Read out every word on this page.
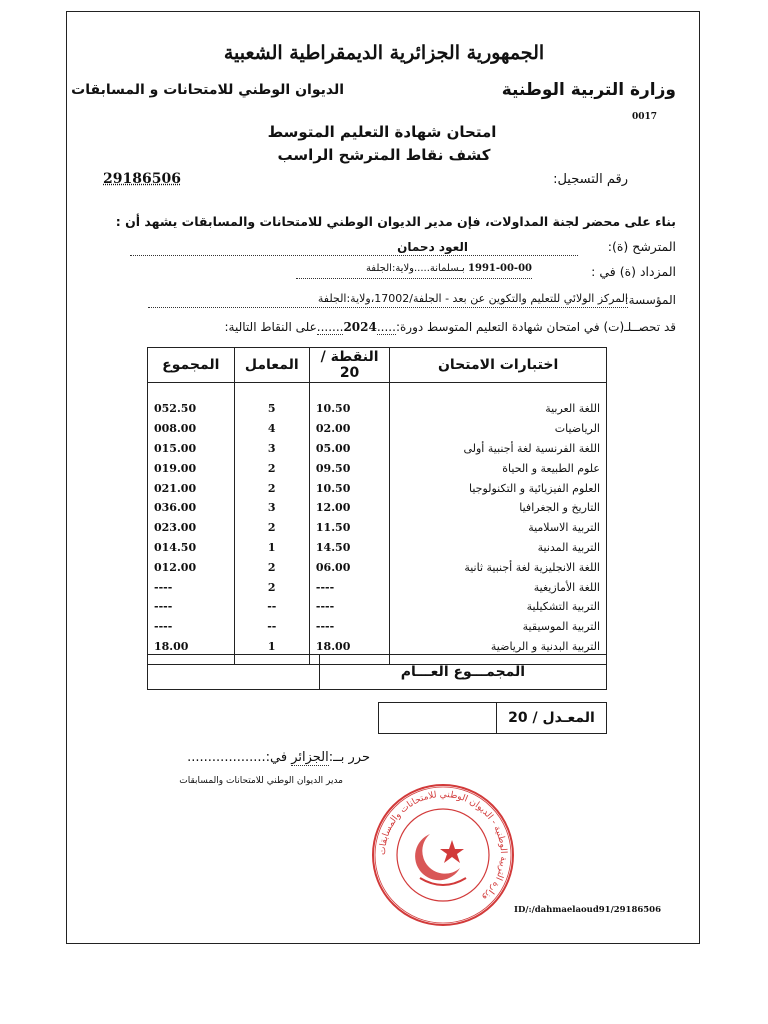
الجمهورية الجزائرية الديمقراطية الشعبية
وزارة التربية الوطنية
الديوان الوطني للامتحانات و المسابقات
0017
امتحان شهادة التعليم المتوسط
كشف نقاط المترشح الراسب
رقم التسجيل:
29186506
بناء على محضر لجنة المداولات، فإن مدير الديوان الوطني للامتحانات والمسابقات يشهد أن :
المترشح (ة):
العود دحمان
المزداد (ة) في :
1991-00-00 بـسلمانة.....ولاية:الجلفة
المؤسسة:
المركز الولائي للتعليم والتكوين عن بعد - الجلفة/17002،ولاية:الجلفة
قد تحصــلـ(ت) في امتحان شهادة التعليم المتوسط دورة:.....2024.......على النقاط التالية:
اختبارات الامتحان	النقطة / 20	المعامل	المجموع
اللغة العربية	10.50	5	052.50
الرياضيات	02.00	4	008.00
اللغة الفرنسية لغة أجنبية أولى	05.00	3	015.00
علوم الطبيعة و الحياة	09.50	2	019.00
العلوم الفيزيائية و التكنولوجيا	10.50	2	021.00
التاريخ و الجغرافيا	12.00	3	036.00
التربية الاسلامية	11.50	2	023.00
التربية المدنية	14.50	1	014.50
اللغة الانجليزية لغة أجنبية ثانية	06.00	2	012.00
اللغة الأمازيغية	----	2	----
التربية التشكيلية	----	--	----
التربية الموسيقية	----	--	----
التربية البدنية و الرياضية	18.00	1	18.00
المجمـــوع العـــام	
المعـدل / 20
حرر بــ:الجزائر في:...................
مدير الديوان الوطني للامتحانات والمسابقات
وزارة التربية الوطنية - الديوان الوطني للامتحانات والمسابقات
ID/:/dahmaelaoud91/29186506
